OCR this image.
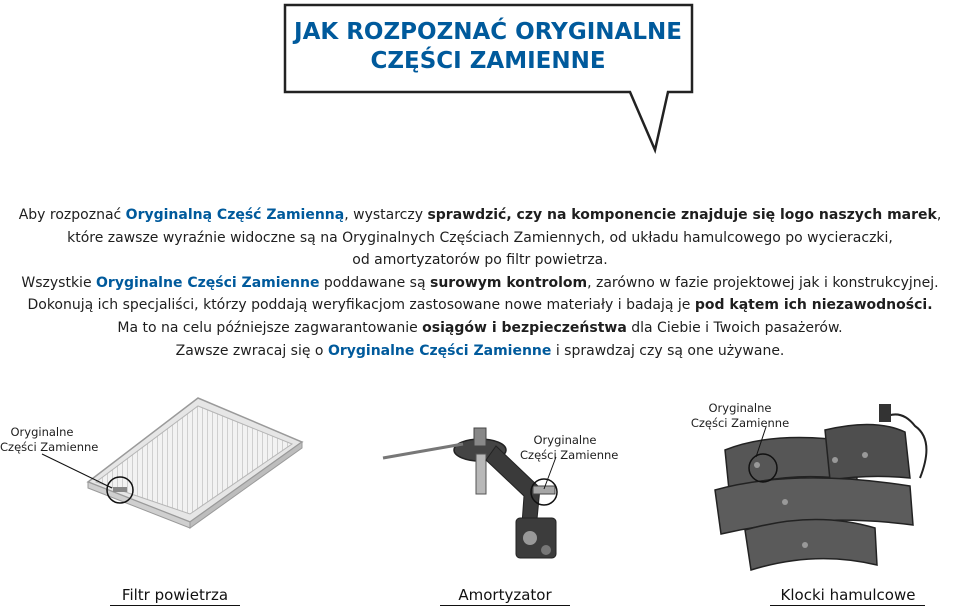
JAK ROZPOZNAĆ ORYGINALNE
CZĘŚCI ZAMIENNE

Aby rozpoznać Oryginalną Część Zamienną, wystarczy sprawdzić, czy na komponencie znajduje się logo naszych marek,

które zawsze wyraźnie widoczne są na Oryginalnych Częściach Zamiennych, od układu hamulcowego po wycieraczki,

od amortyzatorów po filtr powietrza.

Wszystkie Oryginalne Części Zamienne poddawane są surowym kontrolom, zarówno w fazie projektowej jak i konstrukcyjnej.

Dokonują ich specjaliści, którzy poddają weryfikacjom zastosowane nowe materiały i badają je pod kątem ich niezawodności.

Ma to na celu późniejsze zagwarantowanie osiągów i bezpieczeństwa dla Ciebie i Twoich pasażerów.

Zawsze zwracaj się o Oryginalne Części Zamienne i sprawdzaj czy są one używane.

Oryginalne
Części Zamienne	Oryginalne
Części Zamienne
Oryginalne
Części Zamienne
Filtr powietrza	Amortyzator	Klocki hamulcowe
